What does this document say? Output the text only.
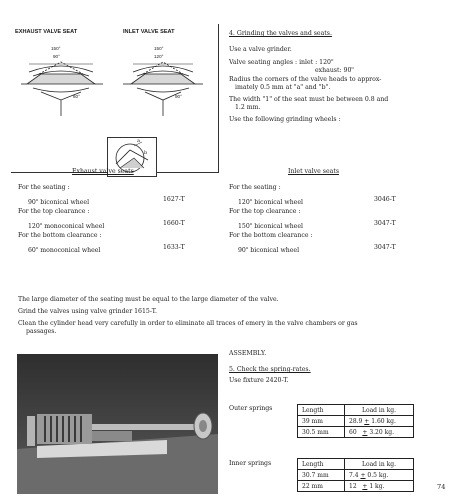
EXHAUST VALVE SEAT	INLET VALVE SEAT
150°
90°
60°
150°
120°
90°
a
b
4. Grinding the valves and seats.
Use a valve grinder.
Valve seating angles : inlet : 120$^o$
exhaust: 90$^o$
Radius the corners of the valve heads to approx-
imately 0.5 mm at "a" and "b".
The width "1" of the seat must be between 0.8 and
1.2 mm.
Use the following grinding wheels :
Exhaust valve seats
For the seating :
90$^o$ biconical wheel	1627-T
For the top clearance :
120$^o$ monoconical wheel	1660-T
For the bottom clearance :
60$^o$ monoconical wheel	1633-T
Inlet valve seats
For the seating :
120$^o$ biconical wheel	3046-T
For the top clearance :
150$^o$ biconical wheel	3047-T
For the bottom clearance :
90$^o$ biconical wheel	3047-T
The large diameter of the seating must be equal to the large diameter of the valve.
Grind the valves using valve grinder 1615-T.
Clean the cylinder head very carefully in order to eliminate all traces of emery in the valve chambers or gas
passages.
ASSEMBLY.
5. Check the spring-rates.
Use fixture 2420-T.
Outer springs	Length	Load in kg.
39 mm	28.9 + 1.60 kg.
30.5 mm	60 + 3.20 kg.
Inner springs	Length	Load in kg.
30.7 mm	7.4 + 0.5 kg.
22 mm	12 + 1 kg.	74
